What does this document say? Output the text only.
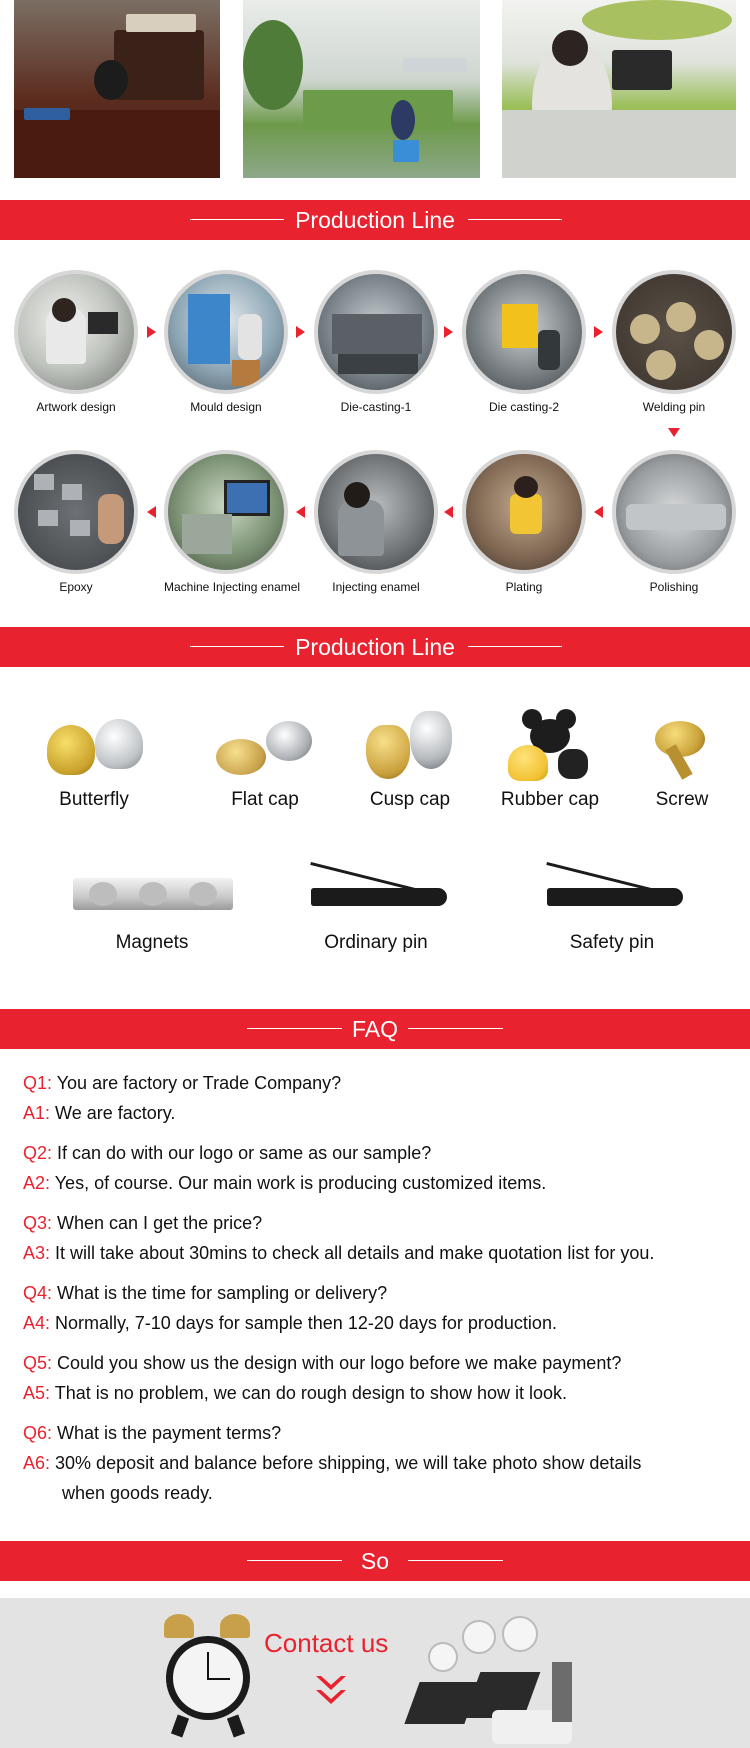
Production Line
Artwork design	Mould design	Die-casting-1	Die casting-2	Welding pin
Polishing
Plating
Injecting enamel
Machine Injecting enamel
Epoxy
Production Line
Butterfly	Flat cap	Cusp cap	Rubber cap	Screw
Magnets	Ordinary pin	Safety pin
FAQ
Q1: You are factory or Trade Company?
A1: We are factory.
Q2: If can do with our logo or same as our sample?
A2: Yes, of course. Our main work is producing customized items.
Q3: When can I get the price?
A3: It will take about 30mins to check all details and make quotation list for you.
Q4: What is the time for sampling or delivery?
A4: Normally, 7-10 days for sample then 12-20 days for production.
Q5: Could you show us the design with our logo before we make payment?
A5: That is no problem, we can do rough design to show how it look.
Q6: What is the payment terms?
A6: 30% deposit and balance before shipping, we will take photo show details
when goods ready.
So
Contact us
